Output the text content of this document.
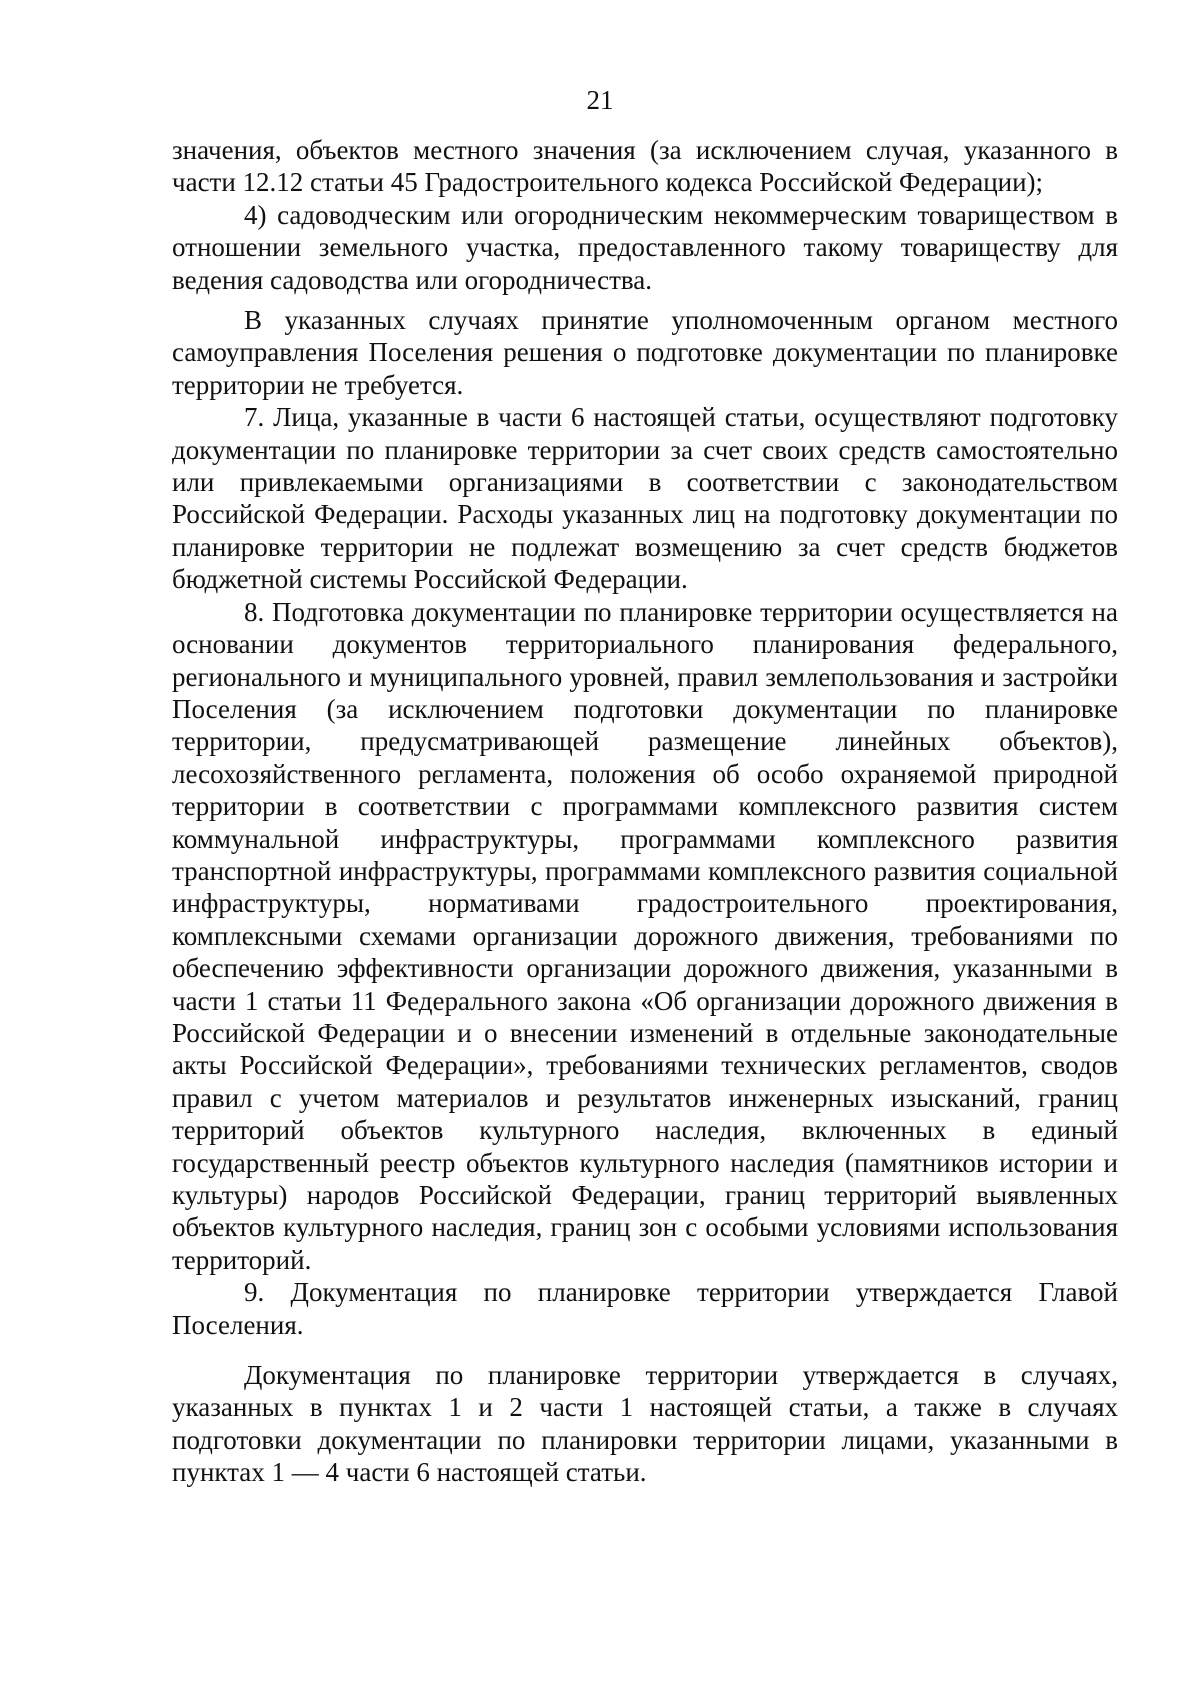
21

значения, объектов местного значения (за исключением случая, указанного в части 12.12 статьи 45 Градостроительного кодекса Российской Федерации);

4) садоводческим или огородническим некоммерческим товариществом в отношении земельного участка, предоставленного такому товариществу для ведения садоводства или огородничества.

В указанных случаях принятие уполномоченным органом местного самоуправления Поселения решения о подготовке документации по планировке территории не требуется.

7. Лица, указанные в части 6 настоящей статьи, осуществляют подготовку документации по планировке территории за счет своих средств самостоятельно или привлекаемыми организациями в соответствии с законодательством Российской Федерации. Расходы указанных лиц на подготовку документации по планировке территории не подлежат возмещению за счет средств бюджетов бюджетной системы Российской Федерации.

8. Подготовка документации по планировке территории осуществляется на основании документов территориального планирования федерального, регионального и муниципального уровней, правил землепользования и застройки Поселения (за исключением подготовки документации по планировке территории, предусматривающей размещение линейных объектов), лесохозяйственного регламента, положения об особо охраняемой природной территории в соответствии с программами комплексного развития систем коммунальной инфраструктуры, программами комплексного развития транспортной инфраструктуры, программами комплексного развития социальной инфраструктуры, нормативами градостроительного проектирования, комплексными схемами организации дорожного движения, требованиями по обеспечению эффективности организации дорожного движения, указанными в части 1 статьи 11 Федерального закона «Об организации дорожного движения в Российской Федерации и о внесении изменений в отдельные законодательные акты Российской Федерации», требованиями технических регламентов, сводов правил с учетом материалов и результатов инженерных изысканий, границ территорий объектов культурного наследия, включенных в единый государственный реестр объектов культурного наследия (памятников истории и культуры) народов Российской Федерации, границ территорий выявленных объектов культурного наследия, границ зон с особыми условиями использования территорий.

9. Документация по планировке территории утверждается Главой Поселения.

Документация по планировке территории утверждается в случаях, указанных в пунктах 1 и 2 части 1 настоящей статьи, а также в случаях подготовки документации по планировки территории лицами, указанными в пунктах 1 — 4 части 6 настоящей статьи.
